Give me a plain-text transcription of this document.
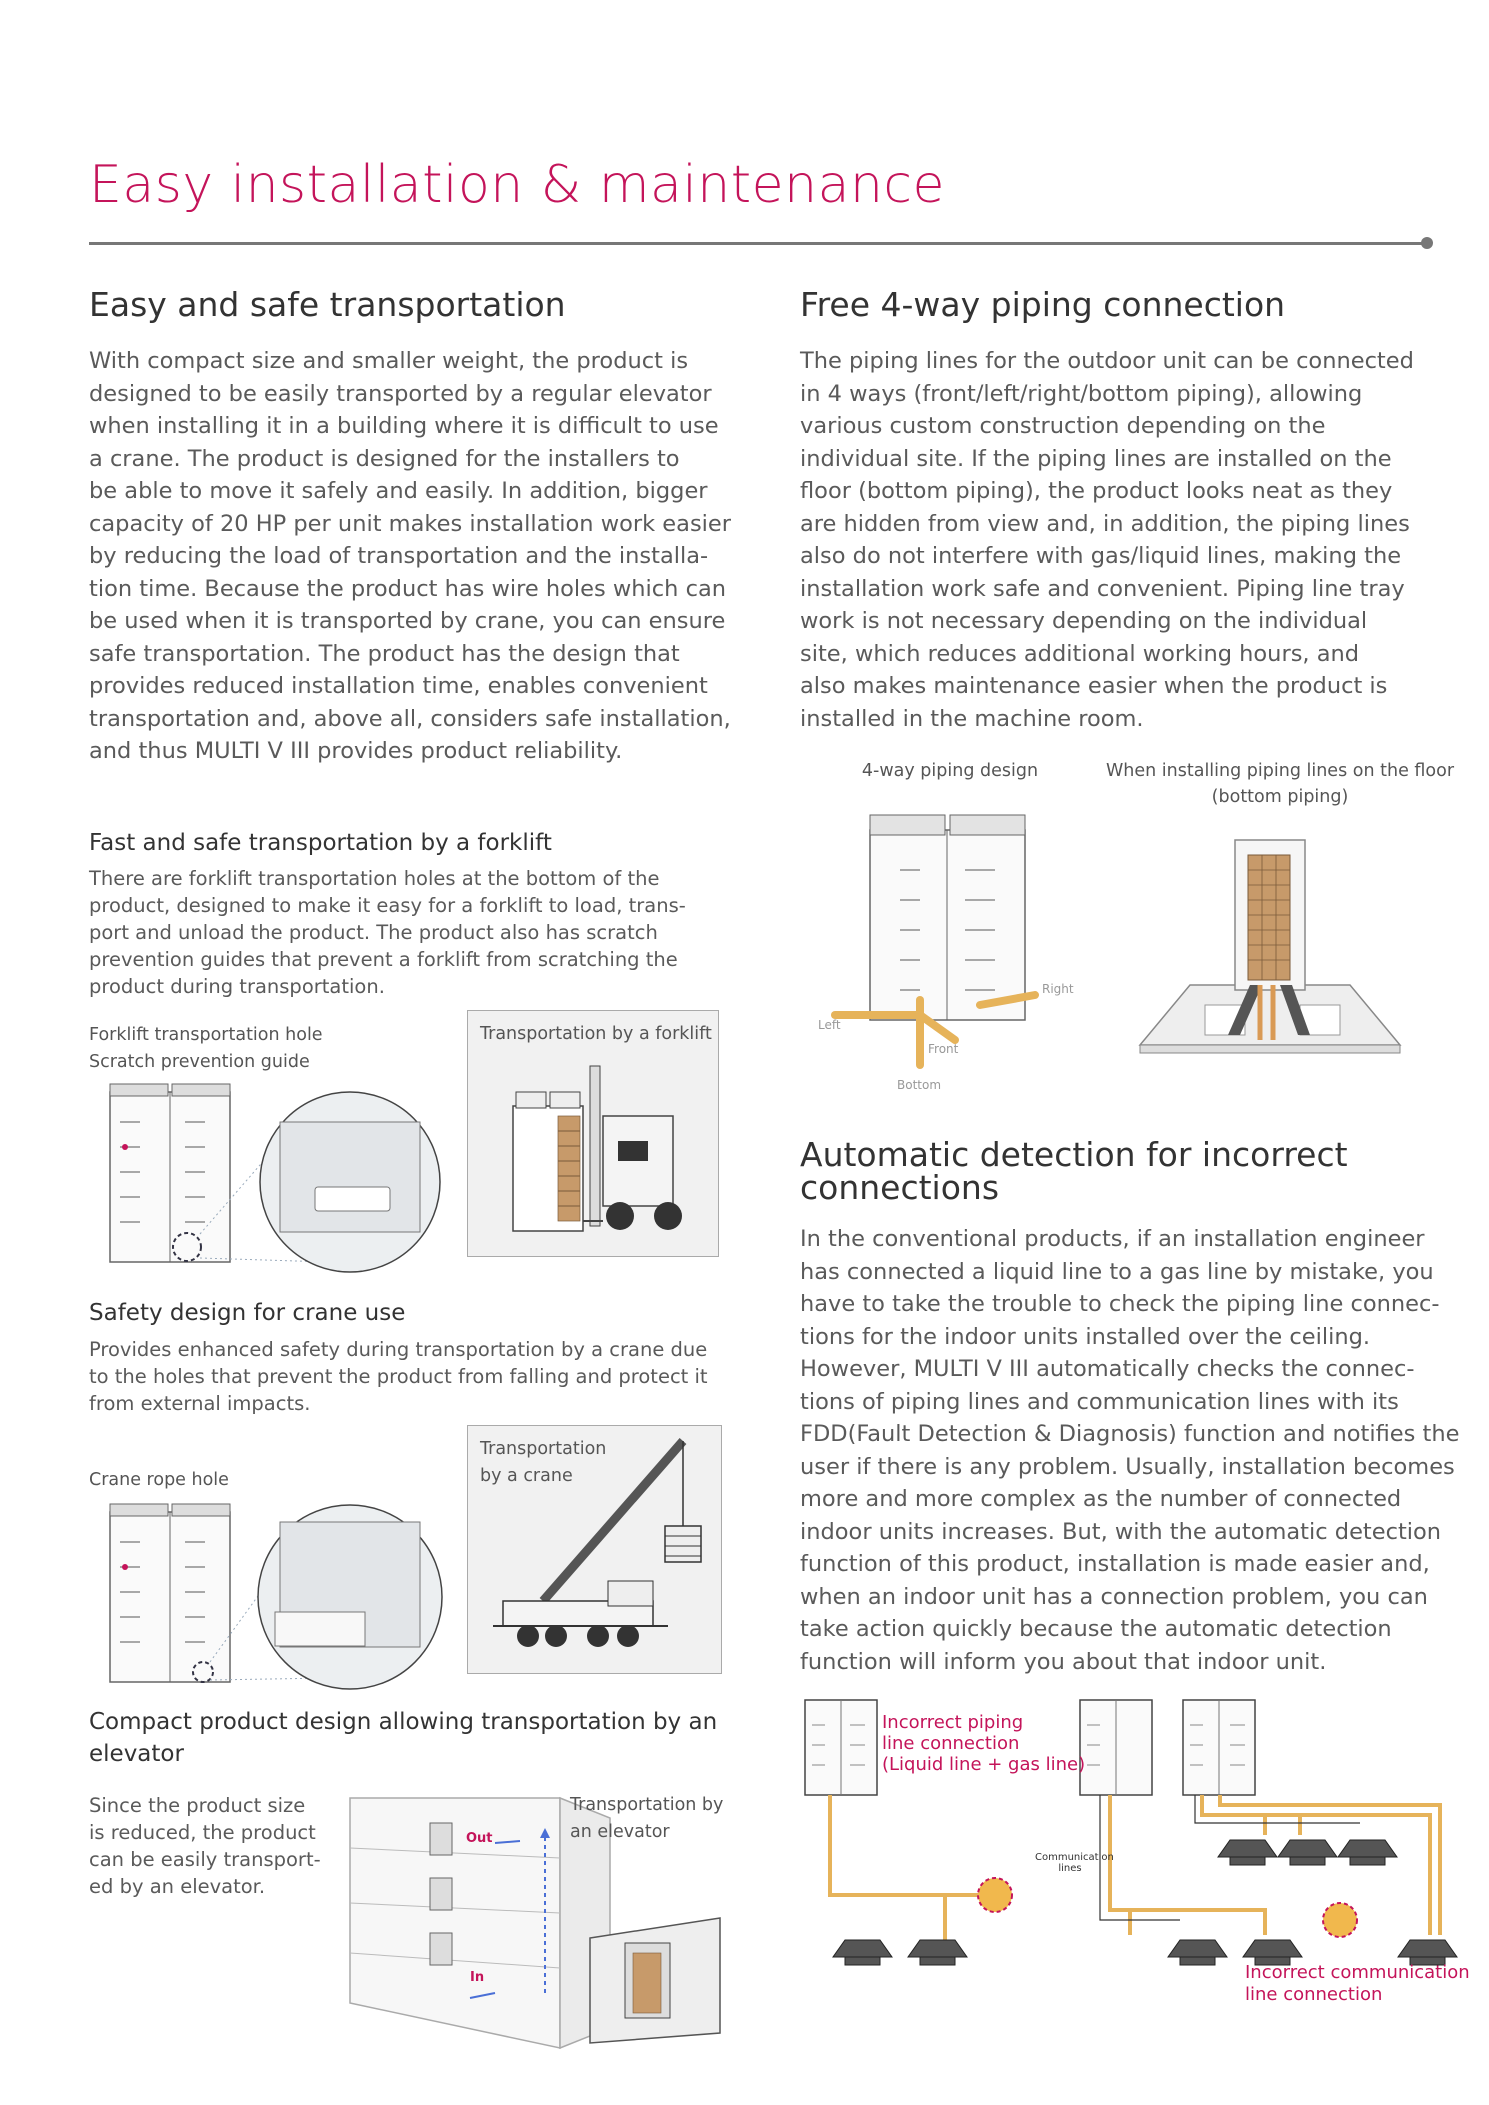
Easy installation & maintenance
Easy and safe transportation
With compact size and smaller weight, the product is
designed to be easily transported by a regular elevator
when installing it in a building where it is difficult to use
a crane. The product is designed for the installers to
be able to move it safely and easily. In addition, bigger
capacity of 20 HP per unit makes installation work easier
by reducing the load of transportation and the installa-
tion time. Because the product has wire holes which can
be used when it is transported by crane, you can ensure
safe transportation. The product has the design that
provides reduced installation time, enables convenient
transportation and, above all, considers safe installation,
and thus MULTI V III provides product reliability.
Fast and safe transportation by a forklift
There are forklift transportation holes at the bottom of the
product, designed to make it easy for a forklift to load, trans-
port and unload the product. The product also has scratch
prevention guides that prevent a forklift from scratching the
product during transportation.
Forklift transportation hole
Scratch prevention guide
Transportation by a forklift
Safety design for crane use
Provides enhanced safety during transportation by a crane due
to the holes that prevent the product from falling and protect it
from external impacts.
Crane rope hole
Transportation
by a crane
Compact product design allowing transportation by an
elevator
Since the product size
is reduced, the product
can be easily transport-
ed by an elevator.
Out
In
Transportation by
an elevator
Free 4-way piping connection
The piping lines for the outdoor unit can be connected
in 4 ways (front/left/right/bottom piping), allowing
various custom construction depending on the
individual site. If the piping lines are installed on the
floor (bottom piping), the product looks neat as they
are hidden from view and, in addition, the piping lines
also do not interfere with gas/liquid lines, making the
installation work safe and convenient. Piping line tray
work is not necessary depending on the individual
site, which reduces additional working hours, and
also makes maintenance easier when the product is
installed in the machine room.
4-way piping design	When installing piping lines on the floor
(bottom piping)
Left
Right
Front
Bottom
Automatic detection for incorrect
connections
In the conventional products, if an installation engineer
has connected a liquid line to a gas line by mistake, you
have to take the trouble to check the piping line connec-
tions for the indoor units installed over the ceiling.
However, MULTI V III automatically checks the connec-
tions of piping lines and communication lines with its
FDD(Fault Detection & Diagnosis) function and notifies the
user if there is any problem. Usually, installation becomes
more and more complex as the number of connected
indoor units increases. But, with the automatic detection
function of this product, installation is made easier and,
when an indoor unit has a connection problem, you can
take action quickly because the automatic detection
function will inform you about that indoor unit.
Incorrect piping
line connection
(Liquid line + gas line)
Communication
lines
Incorrect communication
line connection
